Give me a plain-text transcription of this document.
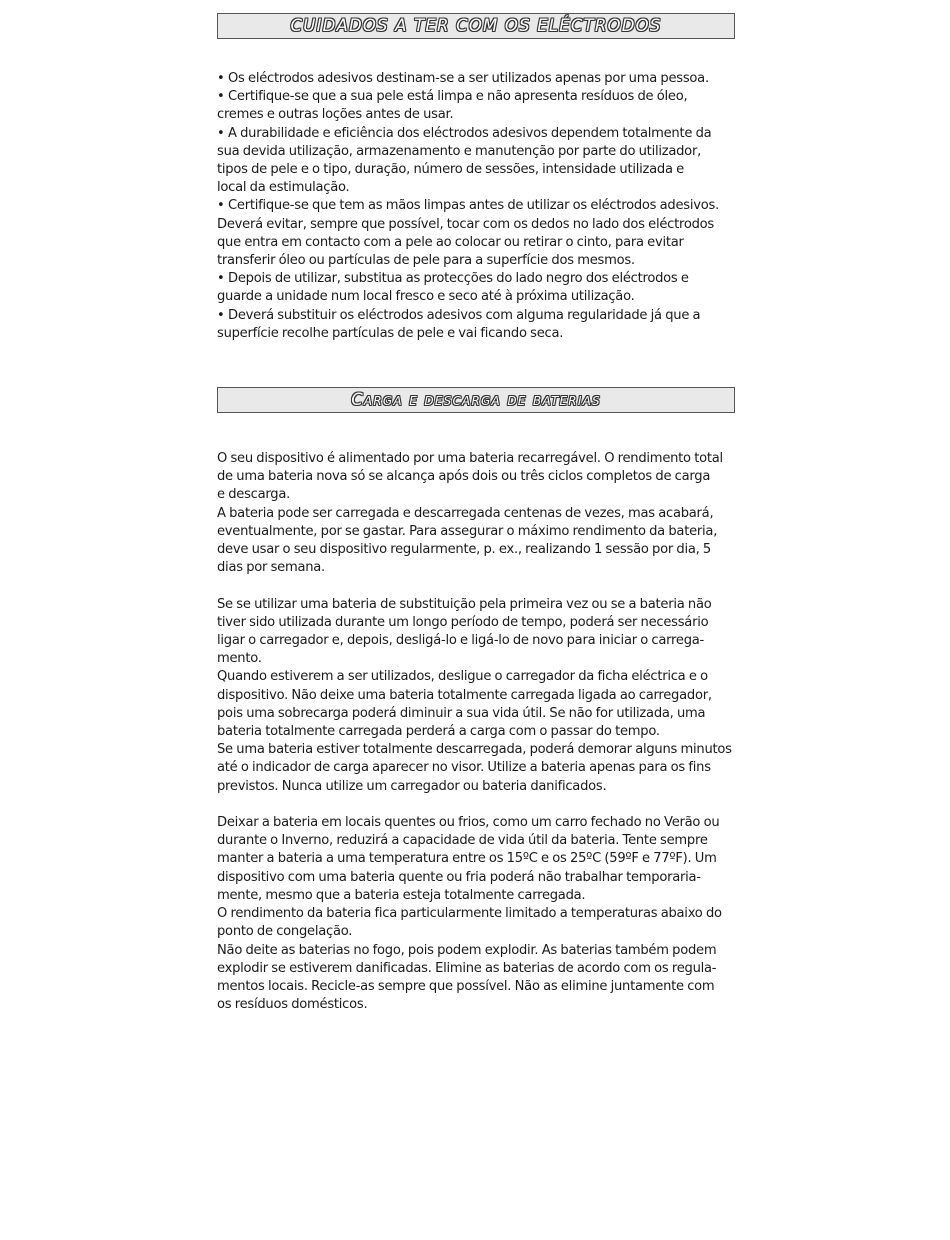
CUIDADOS A TER COM OS ELÉCTRODOS
• Os eléctrodos adesivos destinam-se a ser utilizados apenas por uma pessoa.
• Certifique-se que a sua pele está limpa e não apresenta resíduos de óleo,
cremes e outras loções antes de usar.
• A durabilidade e eficiência dos eléctrodos adesivos dependem totalmente da
sua devida utilização, armazenamento e manutenção por parte do utilizador,
tipos de pele e o tipo, duração, número de sessões, intensidade utilizada e
local da estimulação.
• Certifique-se que tem as mãos limpas antes de utilizar os eléctrodos adesivos.
Deverá evitar, sempre que possível, tocar com os dedos no lado dos eléctrodos
que entra em contacto com a pele ao colocar ou retirar o cinto, para evitar
transferir óleo ou partículas de pele para a superfície dos mesmos.
• Depois de utilizar, substitua as protecções do lado negro dos eléctrodos e
guarde a unidade num local fresco e seco até à próxima utilização.
• Deverá substituir os eléctrodos adesivos com alguma regularidade já que a
superfície recolhe partículas de pele e vai ficando seca.
Carga e descarga de baterias

O seu dispositivo é alimentado por uma bateria recarregável. O rendimento total
de uma bateria nova só se alcança após dois ou três ciclos completos de carga
e descarga.

A bateria pode ser carregada e descarregada centenas de vezes, mas acabará,
eventualmente, por se gastar. Para assegurar o máximo rendimento da bateria,
deve usar o seu dispositivo regularmente, p. ex., realizando 1 sessão por dia, 5
dias por semana.

Se se utilizar uma bateria de substituição pela primeira vez ou se a bateria não
tiver sido utilizada durante um longo período de tempo, poderá ser necessário
ligar o carregador e, depois, desligá-lo e ligá-lo de novo para iniciar o carrega-
mento.

Quando estiverem a ser utilizados, desligue o carregador da ficha eléctrica e o
dispositivo. Não deixe uma bateria totalmente carregada ligada ao carregador,
pois uma sobrecarga poderá diminuir a sua vida útil. Se não for utilizada, uma
bateria totalmente carregada perderá a carga com o passar do tempo.

Se uma bateria estiver totalmente descarregada, poderá demorar alguns minutos
até o indicador de carga aparecer no visor. Utilize a bateria apenas para os fins
previstos. Nunca utilize um carregador ou bateria danificados.

Deixar a bateria em locais quentes ou frios, como um carro fechado no Verão ou
durante o Inverno, reduzirá a capacidade de vida útil da bateria. Tente sempre
manter a bateria a uma temperatura entre os 15ºC e os 25ºC (59ºF e 77ºF). Um
dispositivo com uma bateria quente ou fria poderá não trabalhar temporaria-
mente, mesmo que a bateria esteja totalmente carregada.

O rendimento da bateria fica particularmente limitado a temperaturas abaixo do
ponto de congelação.

Não deite as baterias no fogo, pois podem explodir. As baterias também podem
explodir se estiverem danificadas. Elimine as baterias de acordo com os regula-
mentos locais. Recicle-as sempre que possível. Não as elimine juntamente com
os resíduos domésticos.
